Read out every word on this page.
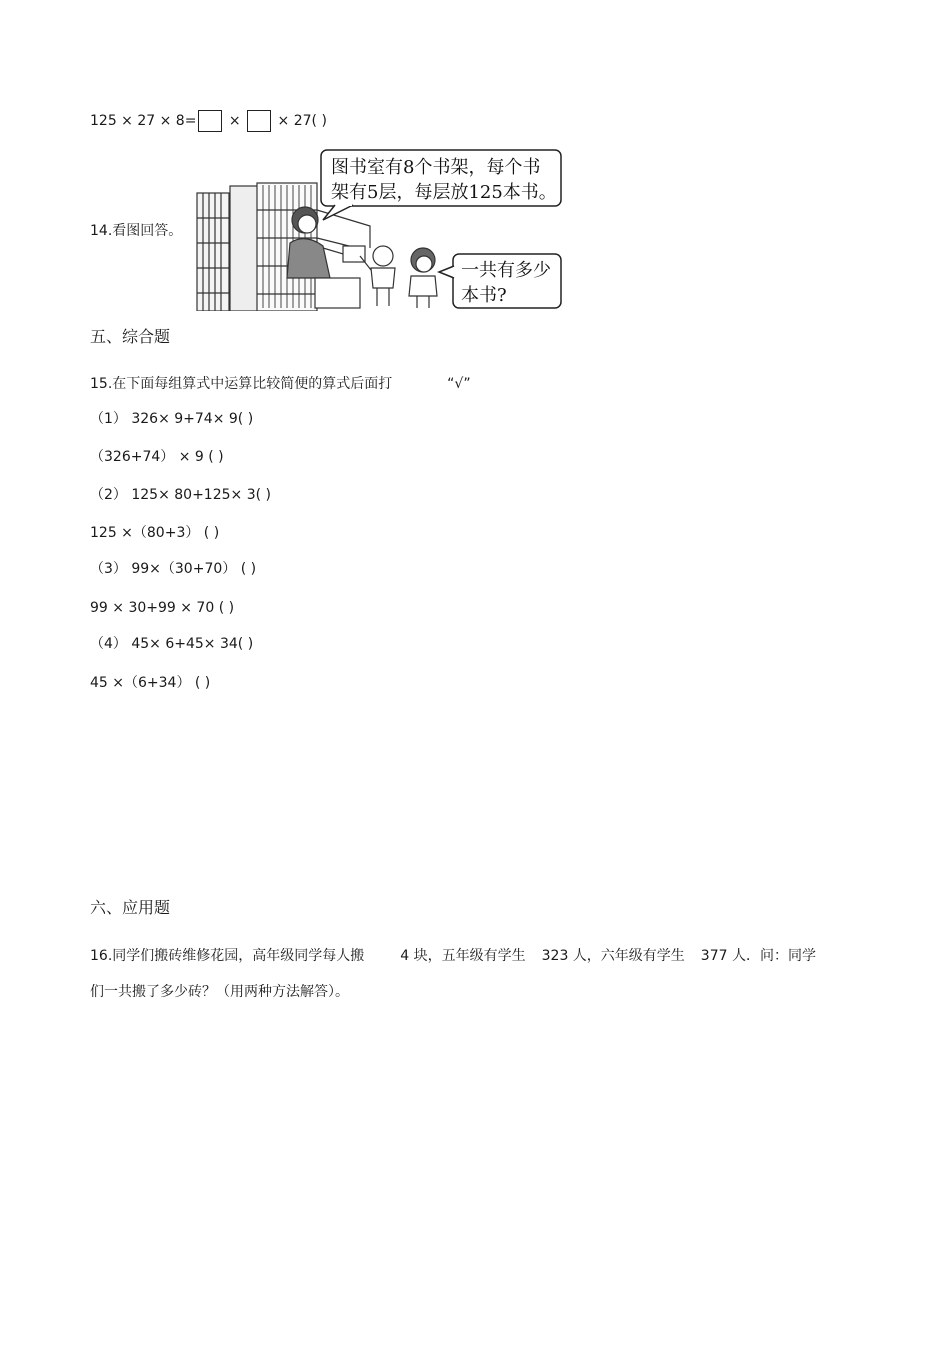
125 × 27 × 8= ×	× 27( )
14.看图回答。
图书室有8个书架，每个书
架有5层，每层放125本书。
一共有多少
本书?
五、综合题
15.在下面每组算式中运算比较简便的算式后面打	“√”
（1） 326× 9+74× 9( )
（326+74） × 9 ( )
（2） 125× 80+125× 3( )
125 ×（80+3） ( )
（3） 99×（30+70） ( )
99 × 30+99 × 70 ( )
（4） 45× 6+45× 34( )
45 ×（6+34） ( )
六、应用题
16.同学们搬砖维修花园，高年级同学每人搬	4 块，五年级有学生 323 人，六年级有学生 377 人．问：同学
们一共搬了多少砖？（用两种方法解答）。
